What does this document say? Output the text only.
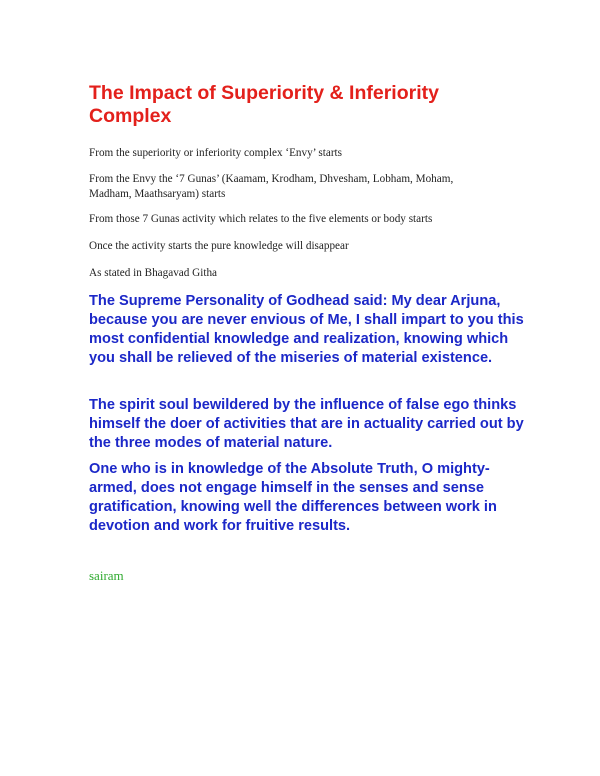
The Impact of Superiority & Inferiority Complex

From the superiority or inferiority complex ‘Envy’ starts

From the Envy the ‘7 Gunas’ (Kaamam, Krodham, Dhvesham, Lobham, Moham, Madham, Maathsaryam) starts

From those 7 Gunas activity which relates to the five elements or body starts

Once the activity starts the pure knowledge will disappear

As stated in Bhagavad Githa

The Supreme Personality of Godhead said: My dear Arjuna, because you are never envious of Me, I shall impart to you this most confidential knowledge and realization, knowing which you shall be relieved of the miseries of material existence.

The spirit soul bewildered by the influence of false ego thinks himself the doer of activities that are in actuality carried out by the three modes of material nature.

One who is in knowledge of the Absolute Truth, O mighty-armed, does not engage himself in the senses and sense gratification, knowing well the differences between work in devotion and work for fruitive results.

sairam
